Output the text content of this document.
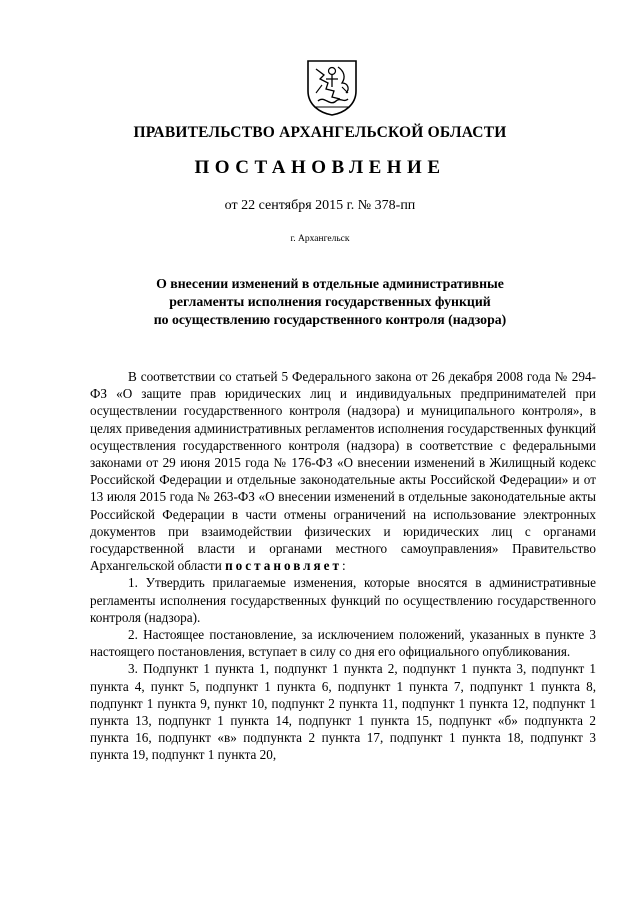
ПРАВИТЕЛЬСТВО АРХАНГЕЛЬСКОЙ ОБЛАСТИ
ПОСТАНОВЛЕНИЕ
от 22 сентября 2015 г. № 378-пп
г. Архангельск
О внесении изменений в отдельные административные
регламенты исполнения государственных функций
по осуществлению государственного контроля (надзора)

В соответствии со статьей 5 Федерального закона от 26 декабря 2008 года № 294-ФЗ «О защите прав юридических лиц и индивидуальных предпринимателей при осуществлении государственного контроля (надзора) и муниципального контроля», в целях приведения административных регламентов исполнения государственных функций осуществления государственного контроля (надзора) в соответствие с федеральными законами от 29 июня 2015 года № 176-ФЗ «О внесении изменений в Жилищный кодекс Российской Федерации и отдельные законодательные акты Российской Федерации» и от 13 июля 2015 года № 263-ФЗ «О внесении изменений в отдельные законодательные акты Российской Федерации в части отмены ограничений на использование электронных документов при взаимодействии физических и юридических лиц с органами государственной власти и органами местного самоуправления» Правительство Архангельской области постановляет:

1. Утвердить прилагаемые изменения, которые вносятся в административные регламенты исполнения государственных функций по осуществлению государственного контроля (надзора).

2. Настоящее постановление, за исключением положений, указанных в пункте 3 настоящего постановления, вступает в силу со дня его официального опубликования.

3. Подпункт 1 пункта 1, подпункт 1 пункта 2, подпункт 1 пункта 3, подпункт 1 пункта 4, пункт 5, подпункт 1 пункта 6, подпункт 1 пункта 7, подпункт 1 пункта 8, подпункт 1 пункта 9, пункт 10, подпункт 2 пункта 11, подпункт 1 пункта 12, подпункт 1 пункта 13, подпункт 1 пункта 14, подпункт 1 пункта 15, подпункт «б» подпункта 2 пункта 16, подпункт «в» подпункта 2 пункта 17, подпункт 1 пункта 18, подпункт 3 пункта 19, подпункт 1 пункта 20,
